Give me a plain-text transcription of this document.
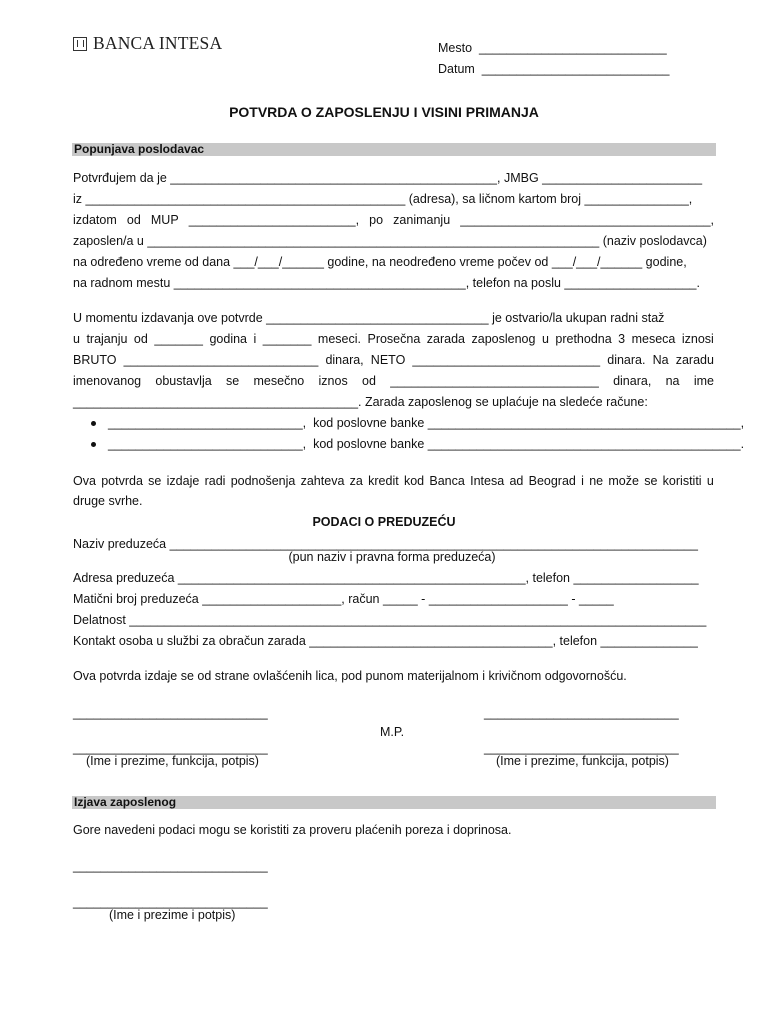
BANCA INTESA	Mesto  ___________________________
Datum  ___________________________
POTVRDA O ZAPOSLENJU I VISINI PRIMANJA
Popunjava poslodavac
Potvrđujem da je _______________________________________________, JMBG _______________________
iz ______________________________________________ (adresa), sa ličnom kartom broj _______________,
izdatom od MUP ________________________, po zanimanju ____________________________________,
zaposlen/a u _________________________________________________________________ (naziv poslodavca)
na određeno vreme od dana ___/___/______ godine, na neodređeno vreme počev od ___/___/______ godine,
na radnom mestu __________________________________________, telefon na poslu ___________________.
U momentu izdavanja ove potvrde ________________________________ je ostvario/la ukupan radni staž
u trajanju od _______ godina i _______ meseci. Prosečna zarada zaposlenog u prethodna 3 meseca iznosi
BRUTO ____________________________ dinara, NETO ___________________________ dinara. Na zaradu
imenovanog obustavlja se mesečno iznos od ______________________________ dinara, na ime
_________________________________________. Zarada zaposlenog se uplaćuje na sledeće račune:
____________________________,  kod poslovne banke _____________________________________________,
____________________________,  kod poslovne banke _____________________________________________.
Ova potvrda se izdaje radi podnošenja zahteva za kredit kod Banca Intesa ad Beograd i ne može se koristiti u
druge svrhe.
PODACI O PREDUZEĆU
Naziv preduzeća ____________________________________________________________________________
(pun naziv i pravna forma preduzeća)
Adresa preduzeća __________________________________________________, telefon __________________
Matični broj preduzeća ____________________, račun _____ - ____________________ - _____
Delatnost ___________________________________________________________________________________
Kontakt osoba u službi za obračun zarada ___________________________________, telefon ______________
Ova potvrda izdaje se od strane ovlašćenih lica, pod punom materijalnom i krivičnom odgovornošću.
____________________________	____________________________
M.P.
____________________________	____________________________
(Ime i prezime, funkcija, potpis)	(Ime i prezime, funkcija, potpis)
Izjava zaposlenog
Gore navedeni podaci mogu se koristiti za proveru plaćenih poreza i doprinosa.
____________________________
____________________________
(Ime i prezime i potpis)
